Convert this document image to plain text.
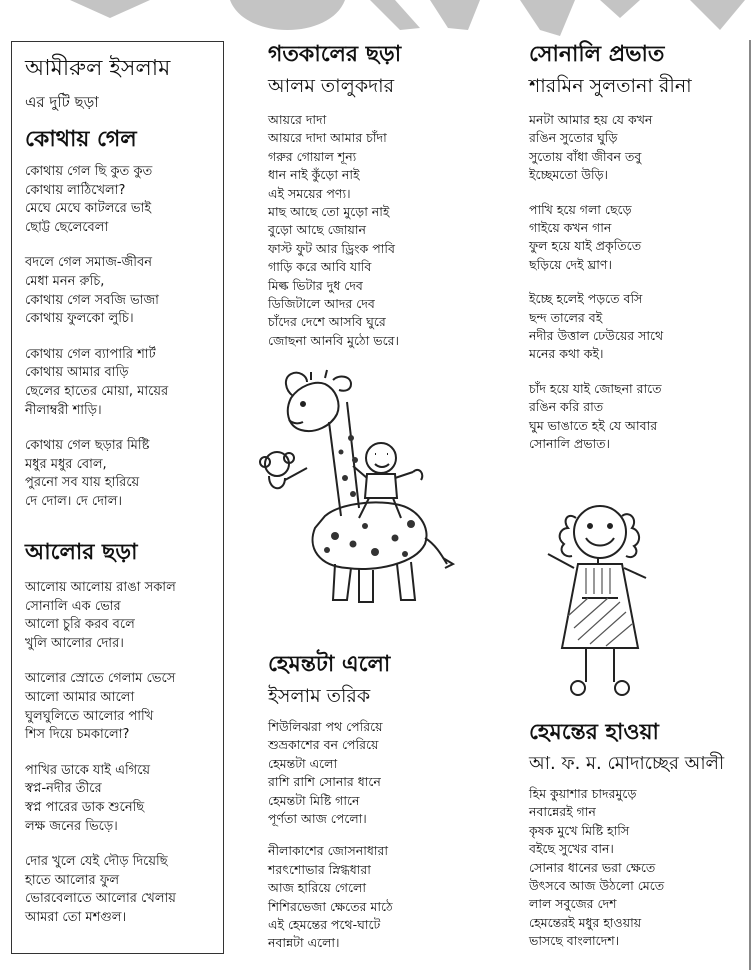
আমীরুল ইসলাম

এর দুটি ছড়া

কোথায় গেল

কোথায় গেল ছি কুত কুত
কোথায় লাঠিখেলা?
মেঘে মেঘে কাটলরে ভাই
ছোট্ট ছেলেবেলা
বদলে গেল সমাজ-জীবন
মেধা মনন রুচি,
কোথায় গেল সবজি ভাজা
কোথায় ফুলকো লুচি।
কোথায় গেল ব্যাপারি শার্ট
কোথায় আমার বাড়ি
ছেলের হাতের মোয়া, মায়ের
নীলাম্বরী শাড়ি।
কোথায় গেল ছড়ার মিষ্টি
মধুর মধুর বোল,
পুরনো সব যায় হারিয়ে
দে দোল। দে দোল।

আলোর ছড়া

আলোয় আলোয় রাঙা সকাল
সোনালি এক ভোর
আলো চুরি করব বলে
খুলি আলোর দোর।
আলোর স্রোতে গেলাম ভেসে
আলো আমার আলো
ঘুলঘুলিতে আলোর পাখি
শিস দিয়ে চমকালো?
পাখির ডাকে যাই এগিয়ে
স্বপ্ন-নদীর তীরে
স্বপ্ন পারের ডাক শুনেছি
লক্ষ জনের ভিড়ে।
দোর খুলে যেই দৌড় দিয়েছি
হাতে আলোর ফুল
ভোরবেলাতে আলোর খেলায়
আমরা তো মশগুল।

গতকালের ছড়া

আলম তালুকদার

আয়রে দাদা
আয়রে দাদা আমার চাঁদা
গরুর গোয়াল শূন্য
ধান নাই কুঁড়ো নাই
এই সময়ের পণ্য।
মাছ আছে তো মুড়ো নাই
বুড়ো আছে জোয়ান
ফাস্ট ফুট আর ড্রিংক পাবি
গাড়ি করে আবি যাবি
মিল্ক ভিটার দুধ দেব
ডিজিটালে আদর দেব
চাঁদের দেশে আসবি ঘুরে
জোছনা আনবি মুঠো ভরে।

হেমন্তটা এলো

ইসলাম তরিক

শিউলিঝরা পথ পেরিয়ে
শুভ্রকাশের বন পেরিয়ে
হেমন্তটা এলো
রাশি রাশি সোনার ধানে
হেমন্তটা মিষ্টি গানে
পূর্ণতা আজ পেলো।
নীলাকাশের জোসনাধারা
শরৎশোভার স্নিগ্ধধারা
আজ হারিয়ে গেলো
শিশিরভেজা ক্ষেতের মাঠে
এই হেমন্তের পথে-ঘাটে
নবান্নটা এলো।

সোনালি প্রভাত

শারমিন সুলতানা রীনা

মনটা আমার হয় যে কখন
রঙিন সুতোর ঘুড়ি
সুতোয় বাঁধা জীবন তবু
ইচ্ছেমতো উড়ি।
পাখি হয়ে গলা ছেড়ে
গাইয়ে কখন গান
ফুল হয়ে যাই প্রকৃতিতে
ছড়িয়ে দেই ঘ্রাণ।
ইচ্ছে হলেই পড়তে বসি
ছন্দ তালের বই
নদীর উত্তাল ঢেউয়ের সাথে
মনের কথা কই।
চাঁদ হয়ে যাই জোছনা রাতে
রঙিন করি রাত
ঘুম ভাঙাতে হই যে আবার
সোনালি প্রভাত।

হেমন্তের হাওয়া

আ. ফ. ম. মোদাচ্ছের আলী

হিম কুয়াশার চাদরমুড়ে
নবান্নেরই গান
কৃষক মুখে মিষ্টি হাসি
বইছে সুখের বান।
সোনার ধানের ভরা ক্ষেতে
উৎসবে আজ উঠলো মেতে
লাল সবুজের দেশ
হেমন্তেরই মধুর হাওয়ায়
ভাসছে বাংলাদেশ।
